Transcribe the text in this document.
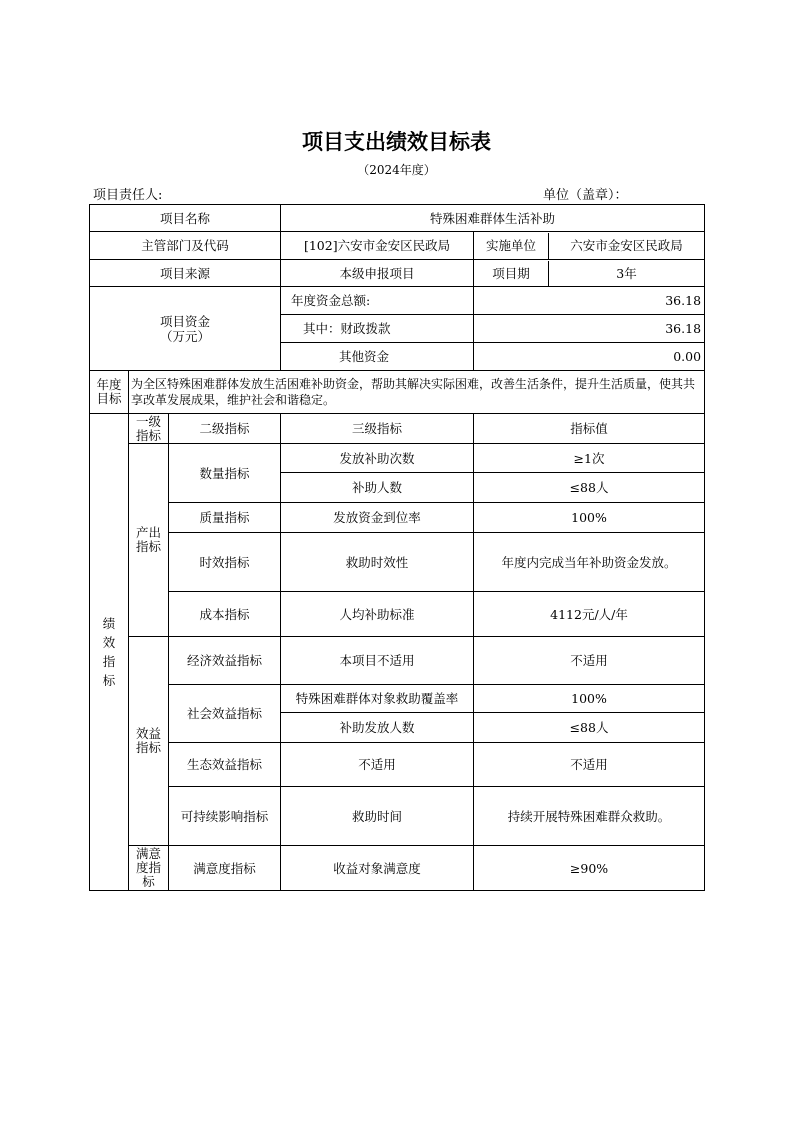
项目支出绩效目标表
（2024年度）
项目责任人:	单位（盖章）：
项目名称			特殊困难群体生活补助	
主管部门及代码			[102]六安市金安区民政局	实施单位 六安市金安区民政局

项目来源			本级申报项目	项目期 3年

项目资金
（万元）			年度资金总额:	36.18
			其中：财政拨款	36.18
			其他资金	0.00
年度目标	为全区特殊困难群体发放生活困难补助资金，帮助其解决实际困难，改善生活条件，提升生活质量，使其共享改革发展成果，维护社会和谐稳定。			
绩效指标	一级指标	二级指标	三级指标	指标值
	产出指标	数量指标	发放补助次数	≥1次
			补助人数	≤88人
		质量指标	发放资金到位率	100%
		时效指标	救助时效性	年度内完成当年补助资金发放。
		成本指标	人均补助标准	4112元/人/年
	效益指标	经济效益指标	本项目不适用	不适用
		社会效益指标	特殊困难群体对象救助覆盖率	100%
			补助发放人数	≤88人
		生态效益指标	不适用	不适用
		可持续影响指标	救助时间	持续开展特殊困难群众救助。
	满意度指标	满意度指标	收益对象满意度	≥90%
